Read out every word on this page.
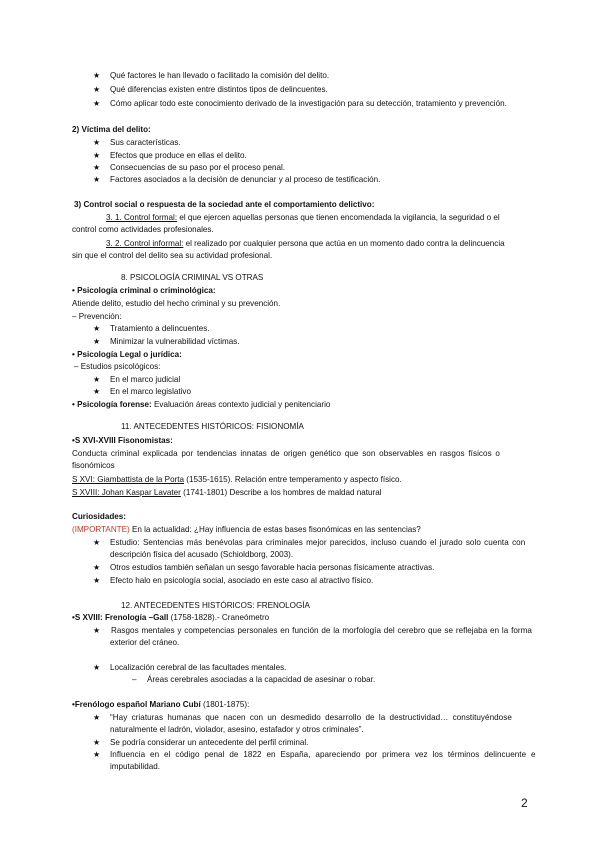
★ Qué factores le han llevado o facilitado la comisión del delito.
★ Qué diferencias existen entre distintos tipos de delincuentes.
★ Cómo aplicar todo este conocimiento derivado de la investigación para su detección, tratamiento y prevención.
2) Víctima del delito:
★ Sus características.
★ Efectos que produce en ellas el delito.
★ Consecuencias de su paso por el proceso penal.
★ Factores asociados a la decisión de denunciar y al proceso de testificación.
3) Control social o respuesta de la sociedad ante el comportamiento delictivo:
3. 1. Control formal: el que ejercen aquellas personas que tienen encomendada la vigilancia, la seguridad o el
control como actividades profesionales.
3. 2. Control informal: el realizado por cualquier persona que actúa en un momento dado contra la delincuencia
sin que el control del delito sea su actividad profesional.
8. PSICOLOGÍA CRIMINAL VS OTRAS
• Psicología criminal o criminológica:
Atiende delito, estudio del hecho criminal y su prevención.
– Prevención:
★ Tratamiento a delincuentes.
★ Minimizar la vulnerabilidad víctimas.
• Psicología Legal o jurídica:
– Estudios psicológicos:
★ En el marco judicial
★ En el marco legislativo
• Psicología forense: Evaluación áreas contexto judicial y penitenciario
11. ANTECEDENTES HISTÓRICOS: FISIONOMÍA
•S XVI-XVIII Fisonomistas:
Conducta criminal explicada por tendencias innatas de origen genético que son observables en rasgos físicos o
fisonómicos
S XVI: Giambattista de la Porta (1535-1615). Relación entre temperamento y aspecto físico.
S XVIII: Johan Kaspar Lavater (1741-1801) Describe a los hombres de maldad natural
Curiosidades:
(IMPORTANTE) En la actualidad: ¿Hay influencia de estas bases fisonómicas en las sentencias?
★ Estudio: Sentencias más benévolas para criminales mejor parecidos, incluso cuando el jurado solo cuenta con
descripción física del acusado (Schioldborg, 2003).
★ Otros estudios también señalan un sesgo favorable hacia personas físicamente atractivas.
★ Efecto halo en psicología social, asociado en este caso al atractivo físico.
12. ANTECEDENTES HISTÓRICOS: FRENOLOGÍA
•S XVIII: Frenología –Gall (1758-1828).- Craneómetro
★ Rasgos mentales y competencias personales en función de la morfología del cerebro que se reflejaba en la forma
exterior del cráneo.
★ Localización cerebral de las facultades mentales.
– Áreas cerebrales asociadas a la capacidad de asesinar o robar.
•Frenólogo español Mariano Cubí (1801-1875):
★ “Hay criaturas humanas que nacen con un desmedido desarrollo de la destructividad… constituyéndose
naturalmente el ladrón, violador, asesino, estafador y otros criminales”.
★ Se podría considerar un antecedente del perfil criminal.
★ Influencia en el código penal de 1822 en España, apareciendo por primera vez los términos delincuente e
imputabilidad.
2
